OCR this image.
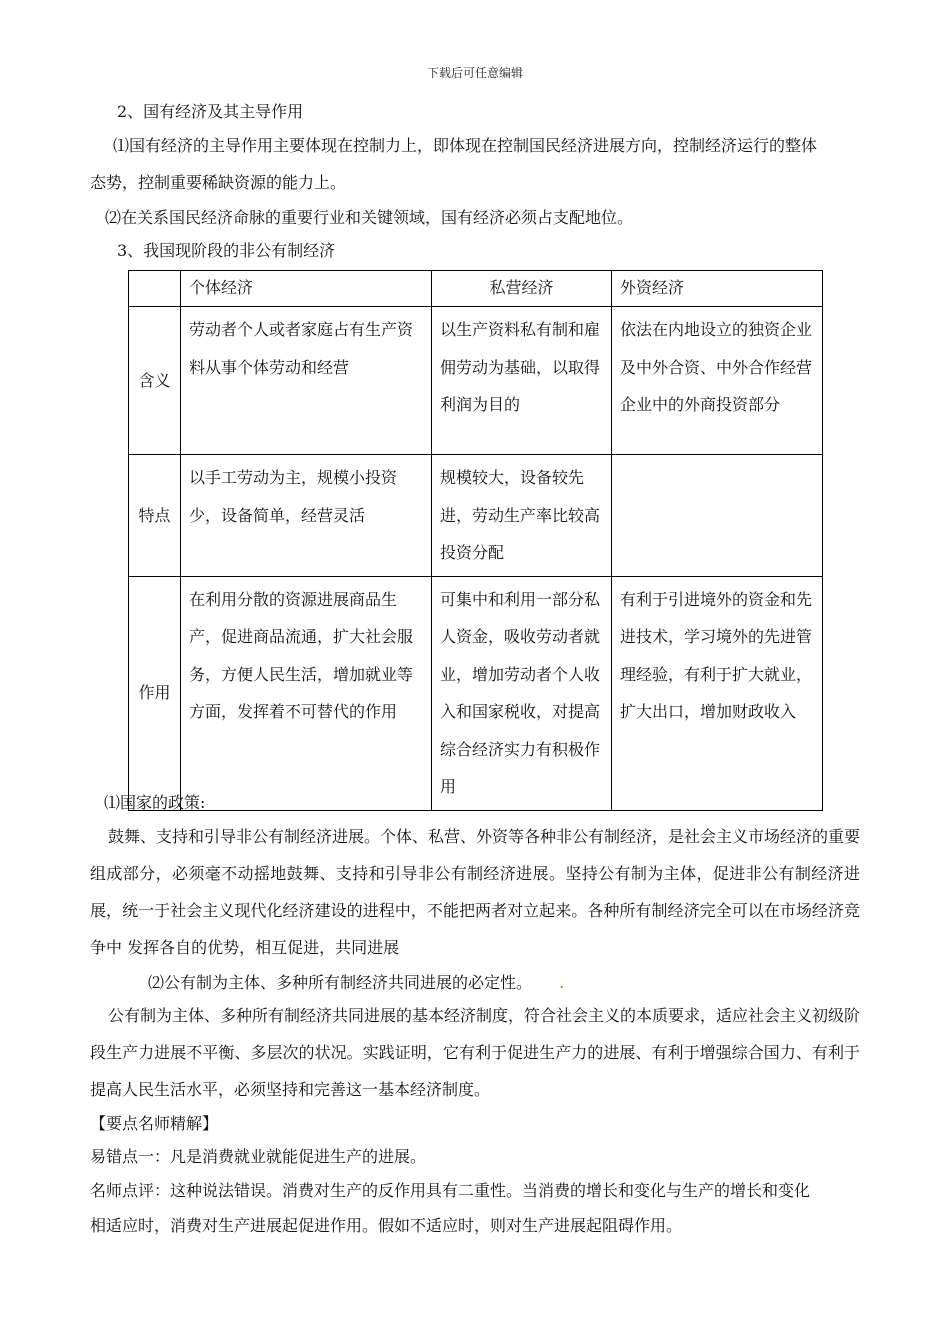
下载后可任意编辑
2、国有经济及其主导作用
⑴国有经济的主导作用主要体现在控制力上，即体现在控制国民经济进展方向，控制经济运行的整体
态势，控制重要稀缺资源的能力上。
⑵在关系国民经济命脉的重要行业和关键领域，国有经济必须占支配地位。
3、我国现阶段的非公有制经济
	个体经济	私营经济	外资经济
含义	劳动者个人或者家庭占有生产资料从事个体劳动和经营	以生产资料私有制和雇佣劳动为基础，以取得利润为目的	依法在内地设立的独资企业及中外合资、中外合作经营企业中的外商投资部分
特点	以手工劳动为主，规模小投资少，设备简单，经营灵活	规模较大，设备较先进，劳动生产率比较高　投资分配	
作用	在利用分散的资源进展商品生产，促进商品流通，扩大社会服务，方便人民生活，增加就业等方面，发挥着不可替代的作用	可集中和利用一部分私人资金，吸收劳动者就业，增加劳动者个人收入和国家税收，对提高综合经济实力有积极作用	有利于引进境外的资金和先进技术，学习境外的先进管理经验，有利于扩大就业，扩大出口，增加财政收入
⑴国家的政策:
鼓舞、支持和引导非公有制经济进展。个体、私营、外资等各种非公有制经济，是社会主义市场经济的重要组成部分，必须毫不动摇地鼓舞、支持和引导非公有制经济进展。坚持公有制为主体，促进非公有制经济进展，统一于社会主义现代化经济建设的进程中，不能把两者对立起来。各种所有制经济完全可以在市场经济竞争中 发挥各自的优势，相互促进，共同进展
⑵公有制为主体、多种所有制经济共同进展的必定性。 .
公有制为主体、多种所有制经济共同进展的基本经济制度，符合社会主义的本质要求，适应社会主义初级阶段生产力进展不平衡、多层次的状况。实践证明，它有利于促进生产力的进展、有利于增强综合国力、有利于提高人民生活水平，必须坚持和完善这一基本经济制度。
【要点名师精解】
易错点一：凡是消费就业就能促进生产的进展。
名师点评：这种说法错误。消费对生产的反作用具有二重性。当消费的增长和变化与生产的增长和变化
相适应时，消费对生产进展起促进作用。假如不适应时，则对生产进展起阻碍作用。
